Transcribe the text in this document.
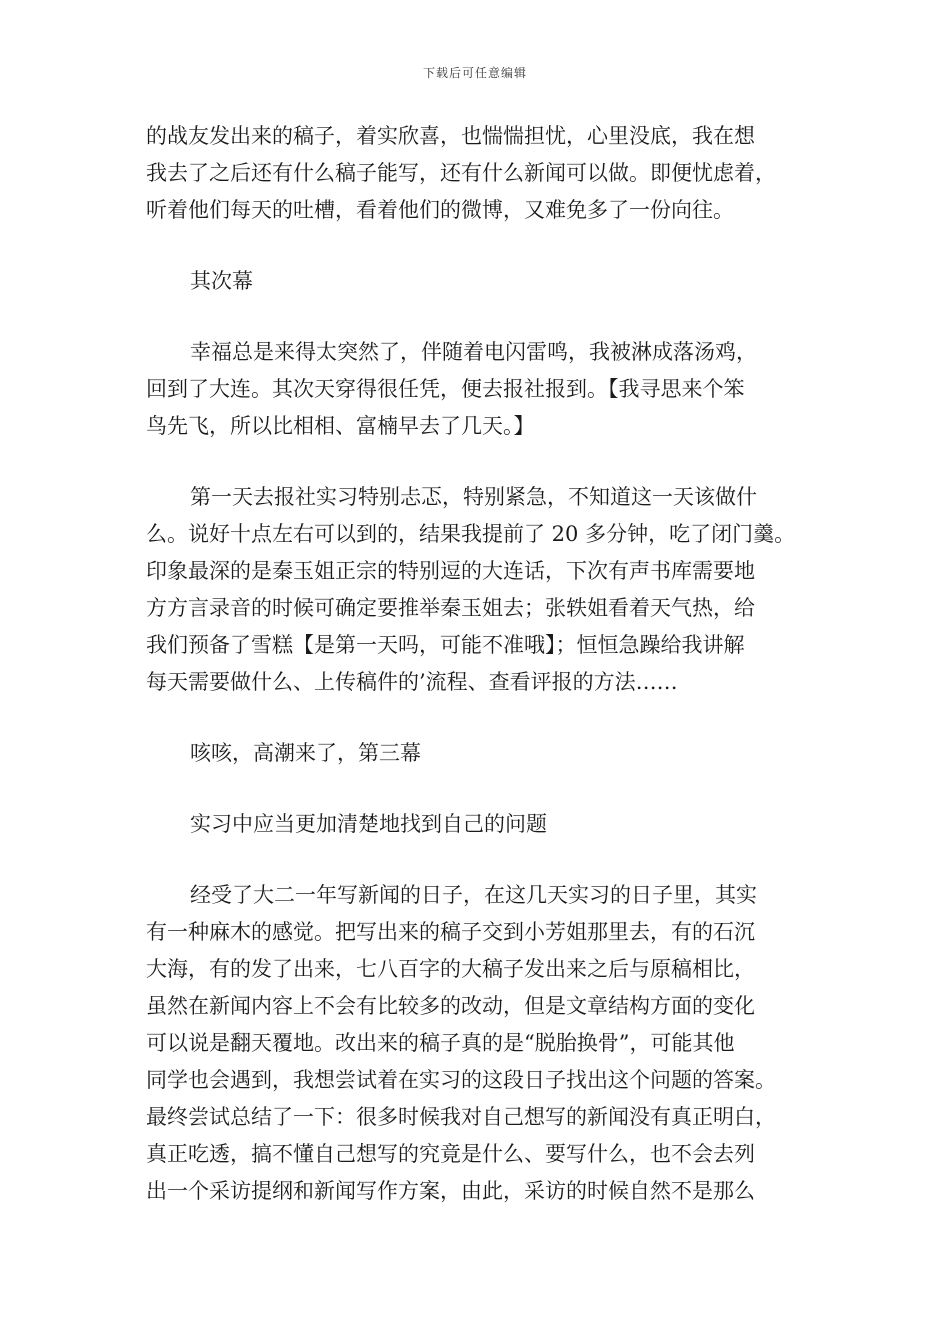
下载后可任意编辑
的战友发出来的稿子，着实欣喜，也惴惴担忧，心里没底，我在想
我去了之后还有什么稿子能写，还有什么新闻可以做。即便忧虑着，
听着他们每天的吐槽，看着他们的微博，又难免多了一份向往。
其次幕
幸福总是来得太突然了，伴随着电闪雷鸣，我被淋成落汤鸡，
回到了大连。其次天穿得很任凭，便去报社报到。【我寻思来个笨
鸟先飞，所以比相相、富楠早去了几天。】
第一天去报社实习特别忐忑，特别紧急，不知道这一天该做什
么。说好十点左右可以到的，结果我提前了 20 多分钟，吃了闭门羹。
印象最深的是秦玉姐正宗的特别逗的大连话，下次有声书库需要地
方方言录音的时候可确定要推举秦玉姐去；张轶姐看着天气热，给
我们预备了雪糕【是第一天吗，可能不准哦】；恒恒急躁给我讲解
每天需要做什么、上传稿件的’流程、查看评报的方法……
咳咳，高潮来了，第三幕
实习中应当更加清楚地找到自己的问题
经受了大二一年写新闻的日子，在这几天实习的日子里，其实
有一种麻木的感觉。把写出来的稿子交到小芳姐那里去，有的石沉
大海，有的发了出来，七八百字的大稿子发出来之后与原稿相比，
虽然在新闻内容上不会有比较多的改动，但是文章结构方面的变化
可以说是翻天覆地。改出来的稿子真的是“脱胎换骨”，可能其他
同学也会遇到，我想尝试着在实习的这段日子找出这个问题的答案。
最终尝试总结了一下：很多时候我对自己想写的新闻没有真正明白，
真正吃透，搞不懂自己想写的究竟是什么、要写什么，也不会去列
出一个采访提纲和新闻写作方案，由此，采访的时候自然不是那么
